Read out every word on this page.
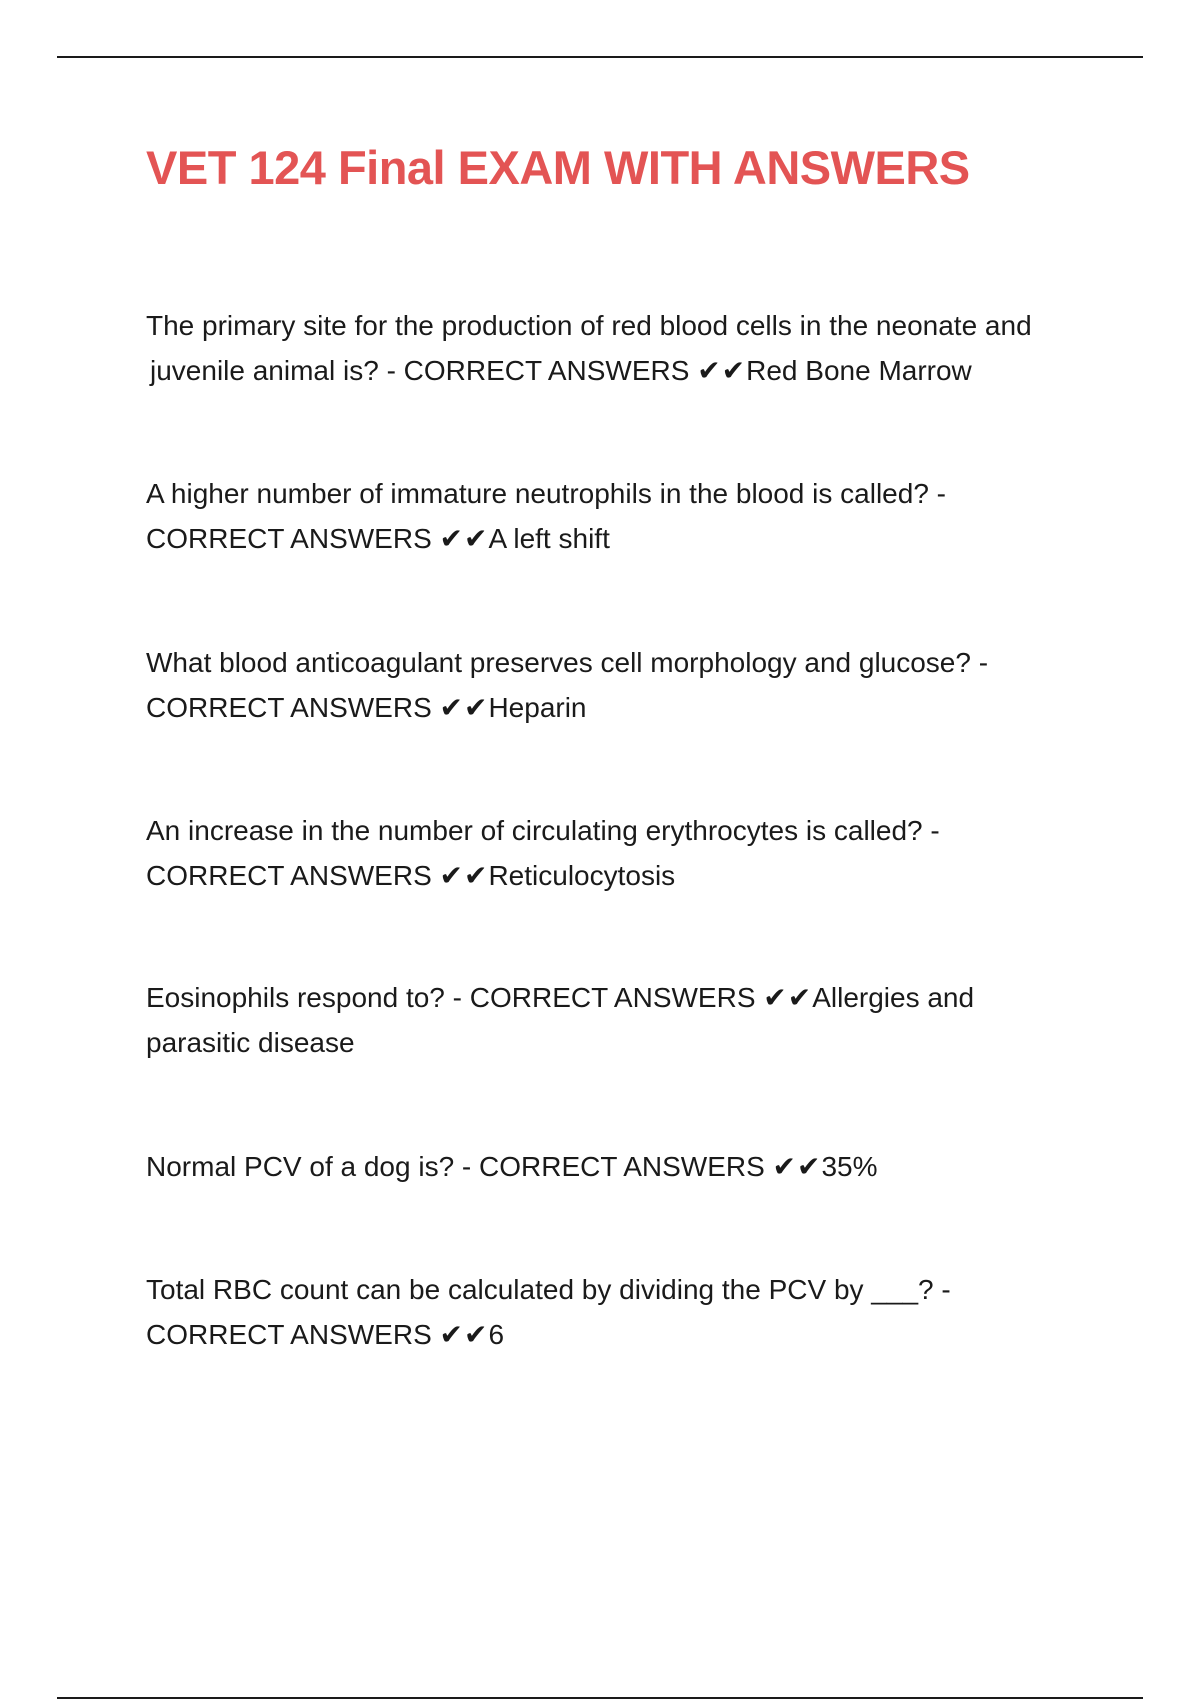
VET 124 Final EXAM WITH ANSWERS

The primary site for the production of red blood cells in the neonate and
juvenile animal is? - CORRECT ANSWERS ✔✔Red Bone Marrow

A higher number of immature neutrophils in the blood is called? -
CORRECT ANSWERS ✔✔A left shift

What blood anticoagulant preserves cell morphology and glucose? -
CORRECT ANSWERS ✔✔Heparin

An increase in the number of circulating erythrocytes is called? -
CORRECT ANSWERS ✔✔Reticulocytosis

Eosinophils respond to? - CORRECT ANSWERS ✔✔Allergies and
parasitic disease

Normal PCV of a dog is? - CORRECT ANSWERS ✔✔35%

Total RBC count can be calculated by dividing the PCV by ___? -
CORRECT ANSWERS ✔✔6
